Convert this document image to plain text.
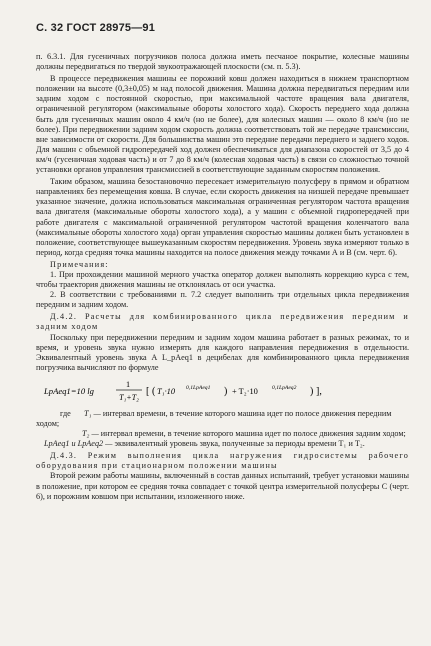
С. 32 ГОСТ 28975—91

п. 6.3.1. Для гусеничных погрузчиков полоса должна иметь песчаное покрытие, колесные машины должны передвигаться по твердой звукоотражающей плоскости (см. п. 5.3).

В процессе передвижения машины ее порожний ковш должен находиться в нижнем транспортном положении на высоте (0,3±0,05) м над полосой движения. Машина должна передвигаться передним или задним ходом с постоянной скоростью, при максимальной частоте вращения вала двигателя, ограниченной регулятором (максимальные обороты холостого хода). Скорость переднего хода должна быть для гусеничных машин около 4 км/ч (но не более), для колесных машин — около 8 км/ч (но не более). При передвижении задним ходом скорость должна соответствовать той же передаче трансмиссии, вне зависимости от скорости. Для большинства машин это передние передачи переднего и заднего ходов. Для машин с объемной гидропередачей ход должен обеспечиваться для диапазона скоростей от 3,5 до 4 км/ч (гусеничная ходовая часть) и от 7 до 8 км/ч (колесная ходовая часть) в связи со сложностью точной установки органов управления трансмиссией в соответствующие заданным скоростям положения.

Таким образом, машина безостановочно пересекает измерительную полусферу в прямом и обратном направлениях без перемещения ковша. В случае, если скорость движения на низшей передаче превышает указанное значение, должна использоваться максимальная ограниченная регулятором частота вращения вала двигателя (максимальные обороты холостого хода), а у машин с объемной гидропередачей при работе двигателя с максимальной ограниченной регулятором частотой вращения коленчатого вала (максимальные обороты холостого хода) орган управления скоростью машины должен быть установлен в положение, соответствующее вышеуказанным скоростям передвижения. Уровень звука измеряют только в период, когда средняя точка машины находится на полосе движения между точками А и В (см. черт. 6).

Примечания:

1. При прохождении машиной мерного участка оператор должен выполнять коррекцию курса с тем, чтобы траектория движения машины не отклонялась от оси участка.

2. В соответствии с требованиями п. 7.2 следует выполнить три отдельных цикла передвижения передним и задним ходом.

Д.4.2. Расчеты для комбинированного цикла передвижения передним и задним ходом

Поскольку при передвижении передним и задним ходом машина работает в разных режимах, то и время, и уровень звука нужно измерять для каждого направления передвижения в отдельности. Эквивалентный уровень звука А L_pAeq1 в децибелах для комбинированного цикла передвижения погрузчика вычисляют по формуле

LpAeq1=10 lg
1
T₁+T₂
[ ( T₁·10 0,1LpAeq1 ) + T₂·10	0,1LpAeq2 ) ],
где T₁ — интервал времени, в течение которого машина идет по полосе движения передним ходом;
T₂ — интервал времени, в течение которого машина идет по полосе движения задним ходом;
LpAeq1 и LpAeq2 — эквивалентный уровень звука, полученные за периоды времени T₁ и T₂.

Д.4.3. Режим выполнения цикла нагружения гидросистемы рабочего оборудования при стационарном положении машины

Второй режим работы машины, включенный в состав данных испытаний, требует установки машины в положение, при котором ее средняя точка совпадает с точкой центра измерительной полусферы С (черт. 6), и порожним ковшом при испытании, изложенного ниже.
